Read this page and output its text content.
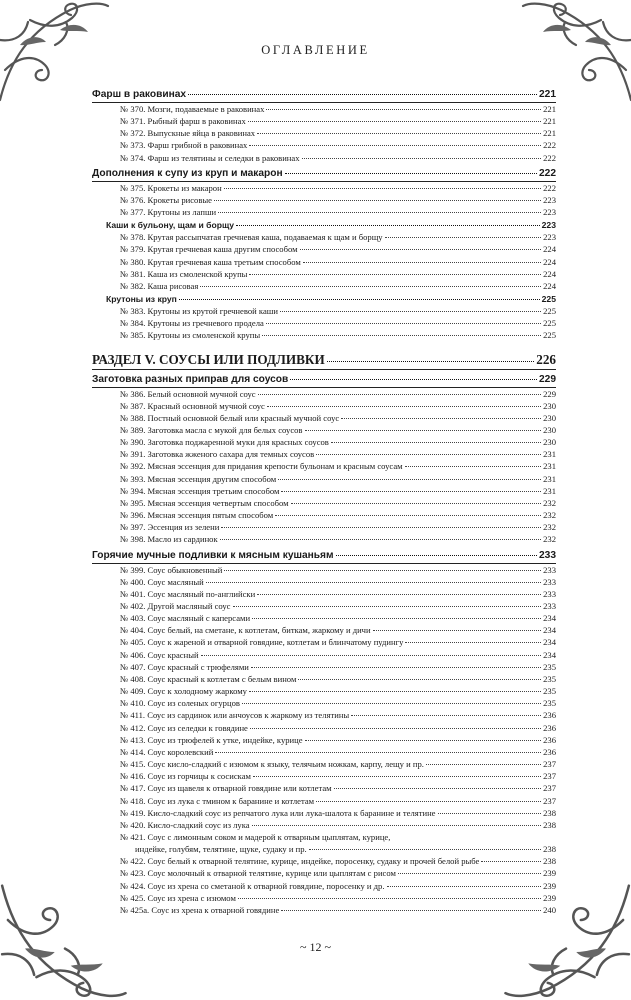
ОГЛАВЛЕНИЕ
Фарш в раковинах	221
№ 370. Мозги, подаваемые в раковинах	221
№ 371. Рыбный фарш в раковинах	221
№ 372. Выпускные яйца в раковинах	221
№ 373. Фарш грибной в раковинах	222
№ 374. Фарш из телятины и селедки в раковинах	222
Дополнения к супу из круп и макарон	222
№ 375. Крокеты из макарон	222
№ 376. Крокеты рисовые	223
№ 377. Крутоны из лапши	223
Каши к бульону, щам и борщу	223
№ 378. Крутая рассыпчатая гречневая каша, подаваемая к щам и борщу	223
№ 379. Крутая гречневая каша другим способом	224
№ 380. Крутая гречневая каша третьим способом	224
№ 381. Каша из смоленской крупы	224
№ 382. Каша рисовая	224
Крутоны из круп	225
№ 383. Крутоны из крутой гречневой каши	225
№ 384. Крутоны из гречневого продела	225
№ 385. Крутоны из смоленской крупы	225
РАЗДЕЛ V. СОУСЫ ИЛИ ПОДЛИВКИ	226
Заготовка разных приправ для соусов	229
№ 386. Белый основной мучной соус	229
№ 387. Красный основной мучной соус	230
№ 388. Постный основной белый или красный мучной соус	230
№ 389. Заготовка масла с мукой для белых соусов	230
№ 390. Заготовка поджаренной муки для красных соусов	230
№ 391. Заготовка жженого сахара для темных соусов	231
№ 392. Мясная эссенция для придания крепости бульонам и красным соусам	231
№ 393. Мясная эссенция другим способом	231
№ 394. Мясная эссенция третьим способом	231
№ 395. Мясная эссенция четвертым способом	232
№ 396. Мясная эссенция пятым способом	232
№ 397. Эссенция из зелени	232
№ 398. Масло из сардинок	232
Горячие мучные подливки к мясным кушаньям	233
№ 399. Соус обыкновенный	233
№ 400. Соус масляный	233
№ 401. Соус масляный по-английски	233
№ 402. Другой масляный соус	233
№ 403. Соус масляный с каперсами	234
№ 404. Соус белый, на сметане, к котлетам, биткам, жаркому и дичи	234
№ 405. Соус к жареной и отварной говядине, котлетам и блинчатому пудингу	234
№ 406. Соус красный	234
№ 407. Соус красный с трюфелями	235
№ 408. Соус красный к котлетам с белым вином	235
№ 409. Соус к холодному жаркому	235
№ 410. Соус из соленых огурцов	235
№ 411. Соус из сардинок или анчоусов к жаркому из телятины	236
№ 412. Соус из селедки к говядине	236
№ 413. Соус из трюфелей к утке, индейке, курице	236
№ 414. Соус королевский	236
№ 415. Соус кисло-сладкий с изюмом к языку, телячьим ножкам, карпу, лещу и пр.	237
№ 416. Соус из горчицы к сосискам	237
№ 417. Соус из щавеля к отварной говядине или котлетам	237
№ 418. Соус из лука с тмином к баранине и котлетам	237
№ 419. Кисло-сладкий соус из репчатого лука или лука-шалота к баранине и телятине	238
№ 420. Кисло-сладкий соус из лука	238
№ 421. Соус с лимонным соком и мадерой к отварным цыплятам, курице,
индейке, голубям, телятине, щуке, судаку и пр.	238
№ 422. Соус белый к отварной телятине, курице, индейке, поросенку, судаку и прочей белой рыбе	238
№ 423. Соус молочный к отварной телятине, курице или цыплятам с рисом	239
№ 424. Соус из хрена со сметаной к отварной говядине, поросенку и др.	239
№ 425. Соус из хрена с изюмом	239
№ 425а. Соус из хрена к отварной говядине	240
~ 12 ~
